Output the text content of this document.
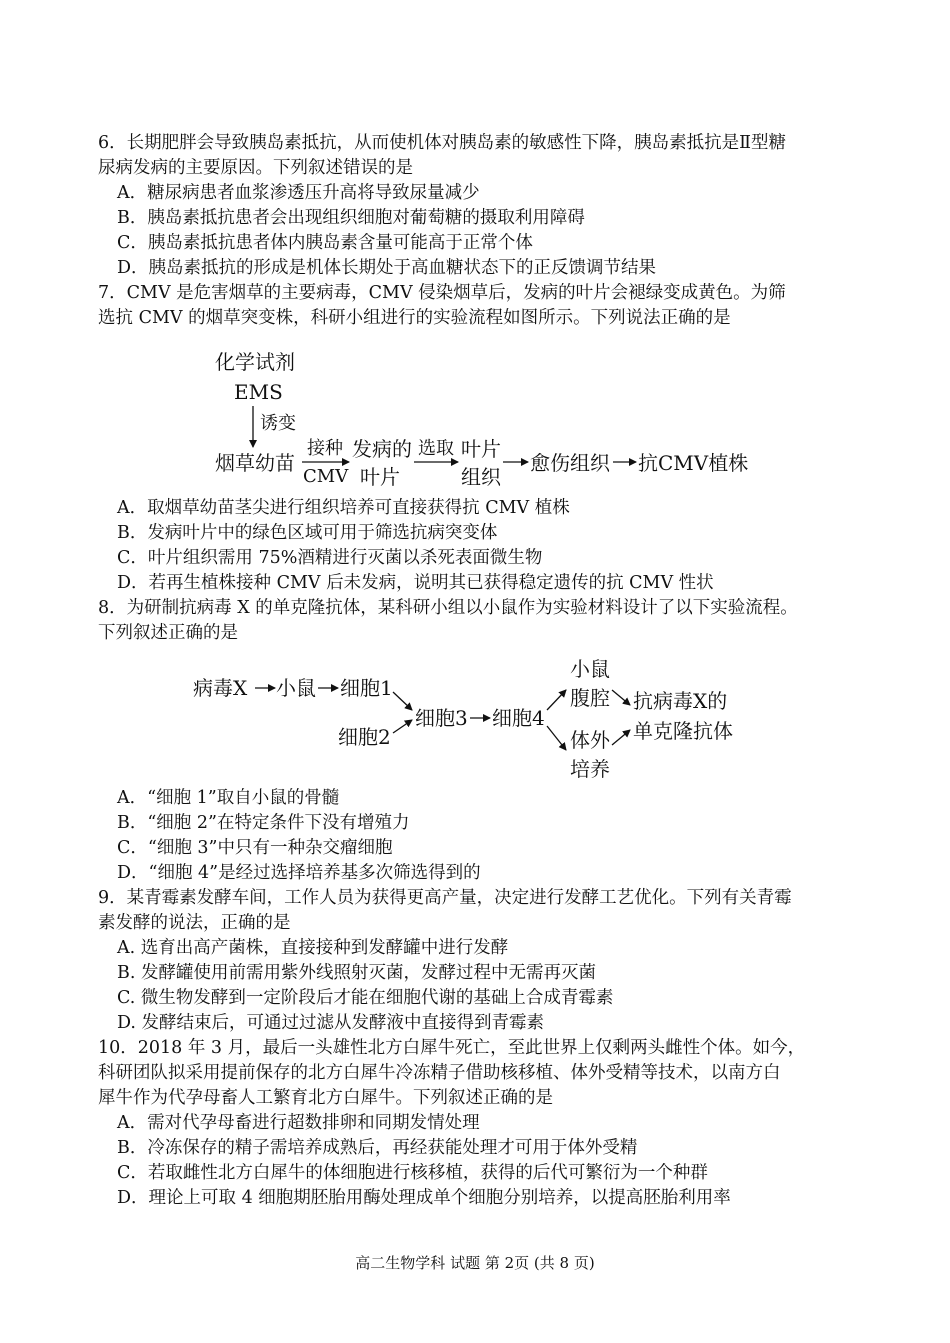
6．长期肥胖会导致胰岛素抵抗，从而使机体对胰岛素的敏感性下降，胰岛素抵抗是Ⅱ型糖
尿病发病的主要原因。下列叙述错误的是
A．糖尿病患者血浆渗透压升高将导致尿量减少
B．胰岛素抵抗患者会出现组织细胞对葡萄糖的摄取利用障碍
C．胰岛素抵抗患者体内胰岛素含量可能高于正常个体
D．胰岛素抵抗的形成是机体长期处于高血糖状态下的正反馈调节结果
7．CMV 是危害烟草的主要病毒，CMV 侵染烟草后，发病的叶片会褪绿变成黄色。为筛
选抗 CMV 的烟草突变株，科研小组进行的实验流程如图所示。下列说法正确的是
化学试剂
EMS
诱变
烟草幼苗
接种
CMV
发病的
叶片
选取 叶片
组织
愈伤组织 抗CMV植株
A．取烟草幼苗茎尖进行组织培养可直接获得抗 CMV 植株
B．发病叶片中的绿色区域可用于筛选抗病突变体
C．叶片组织需用 75%酒精进行灭菌以杀死表面微生物
D．若再生植株接种 CMV 后未发病，说明其已获得稳定遗传的抗 CMV 性状
8．为研制抗病毒 X 的单克隆抗体，某科研小组以小鼠作为实验材料设计了以下实验流程。
下列叙述正确的是
病毒X 小鼠 细胞1
细胞2
细胞3 细胞4
小鼠
腹腔
体外
培养
抗病毒X的
单克隆抗体
A．“细胞 1”取自小鼠的骨髓
B．“细胞 2”在特定条件下没有增殖力
C．“细胞 3”中只有一种杂交瘤细胞
D．“细胞 4”是经过选择培养基多次筛选得到的
9．某青霉素发酵车间，工作人员为获得更高产量，决定进行发酵工艺优化。下列有关青霉
素发酵的说法，正确的是
A. 选育出高产菌株，直接接种到发酵罐中进行发酵
B. 发酵罐使用前需用紫外线照射灭菌，发酵过程中无需再灭菌
C. 微生物发酵到一定阶段后才能在细胞代谢的基础上合成青霉素
D. 发酵结束后，可通过过滤从发酵液中直接得到青霉素
10．2018 年 3 月，最后一头雄性北方白犀牛死亡，至此世界上仅剩两头雌性个体。如今，
科研团队拟采用提前保存的北方白犀牛冷冻精子借助核移植、体外受精等技术，以南方白
犀牛作为代孕母畜人工繁育北方白犀牛。下列叙述正确的是
A．需对代孕母畜进行超数排卵和同期发情处理
B．冷冻保存的精子需培养成熟后，再经获能处理才可用于体外受精
C．若取雌性北方白犀牛的体细胞进行核移植，获得的后代可繁衍为一个种群
D．理论上可取 4 细胞期胚胎用酶处理成单个细胞分别培养，以提高胚胎利用率
高二生物学科 试题 第 2页 (共 8 页)
